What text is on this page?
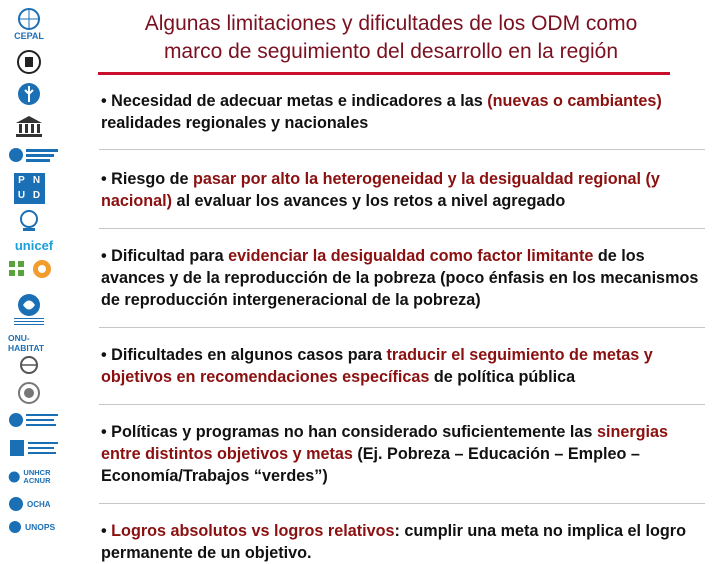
CEPAL
P N
U D
unicef
ONU-HABITAT
UNHCR ACNUR
OCHA
UNOPS
Algunas limitaciones y dificultades de los ODM como
marco de seguimiento del desarrollo en la región
• Necesidad de adecuar metas e indicadores a las (nuevas o cambiantes) realidades regionales y nacionales
• Riesgo de pasar por alto la heterogeneidad y la desigualdad regional (y nacional) al evaluar los avances y los retos a nivel agregado
• Dificultad para evidenciar la desigualdad como factor limitante de los avances y de la reproducción de la pobreza (poco énfasis en los mecanismos de reproducción intergeneracional de la pobreza)
• Dificultades en algunos casos para traducir el seguimiento de metas y objetivos en recomendaciones específicas de política pública
• Políticas y programas no han considerado suficientemente las sinergias entre distintos objetivos y metas (Ej. Pobreza – Educación – Empleo – Economía/Trabajos “verdes”)
• Logros absolutos vs logros relativos: cumplir una meta no implica el logro permanente de un objetivo.
